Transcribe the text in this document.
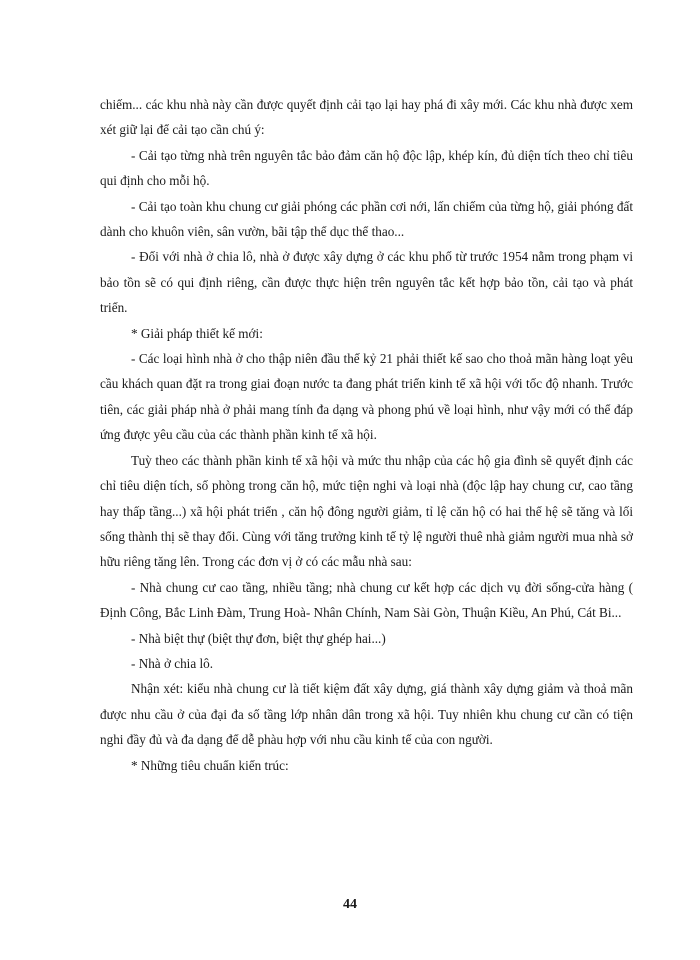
chiếm... các khu nhà này cần được quyết định cải tạo lại hay phá đi xây mới. Các khu nhà được xem xét giữ lại để cải tạo cần chú ý:

- Cải tạo từng nhà trên nguyên tắc bảo đảm căn hộ độc lập, khép kín, đủ diện tích theo chỉ tiêu qui định cho mỗi hộ.

- Cải tạo toàn khu chung cư giải phóng các phần cơi nới, lấn chiếm của từng hộ, giải phóng đất dành cho khuôn viên, sân vườn, bãi tập thể dục thể thao...

- Đối với nhà ở chia lô, nhà ở được xây dựng ở các khu phố từ trước 1954 nằm trong phạm vi bảo tồn sẽ có qui định riêng, cần được thực hiện trên nguyên tắc kết hợp bảo tồn, cải tạo và phát triển.

* Giải pháp thiết kế mới:

- Các loại hình nhà ở cho thập niên đầu thế kỷ 21 phải thiết kế sao cho thoả mãn hàng loạt yêu cầu khách quan đặt ra trong giai đoạn nước ta đang phát triển kinh tế xã hội với tốc độ nhanh. Trước tiên, các giải pháp nhà ở phải mang tính đa dạng và phong phú về loại hình, như vậy mới có thể đáp ứng được yêu cầu của các thành phần kinh tế xã hội.

Tuỳ theo các thành phần kinh tế xã hội và mức thu nhập của các hộ gia đình sẽ quyết định các chỉ tiêu diện tích, số phòng trong căn hộ, mức tiện nghi và loại nhà (độc lập hay chung cư, cao tầng hay thấp tầng...) xã hội phát triển , căn hộ đông người giảm, tỉ lệ căn hộ có hai thế hệ sẽ tăng và lối sống thành thị sẽ thay đổi. Cùng với tăng trưởng kinh tế tỷ lệ người thuê nhà giảm người mua nhà sở hữu riêng tăng lên. Trong các đơn vị ở có các mẫu nhà sau:

- Nhà chung cư cao tầng, nhiều tầng; nhà chung cư kết hợp các dịch vụ đời sống-cửa hàng ( Định Công, Bắc Linh Đàm, Trung Hoà- Nhân Chính, Nam Sài Gòn, Thuận Kiều, An Phú, Cát Bi...

- Nhà biệt thự (biệt thự đơn, biệt thự ghép hai...)

- Nhà ở chia lô.

Nhận xét: kiểu nhà chung cư là tiết kiệm đất xây dựng, giá thành xây dựng giảm và thoả mãn được nhu cầu ở của đại đa số tầng lớp nhân dân trong xã hội. Tuy nhiên khu chung cư cần có tiện nghi đầy đủ và đa dạng để dễ phàu hợp với nhu cầu kinh tế của con người.

* Những tiêu chuẩn kiến trúc:

44
